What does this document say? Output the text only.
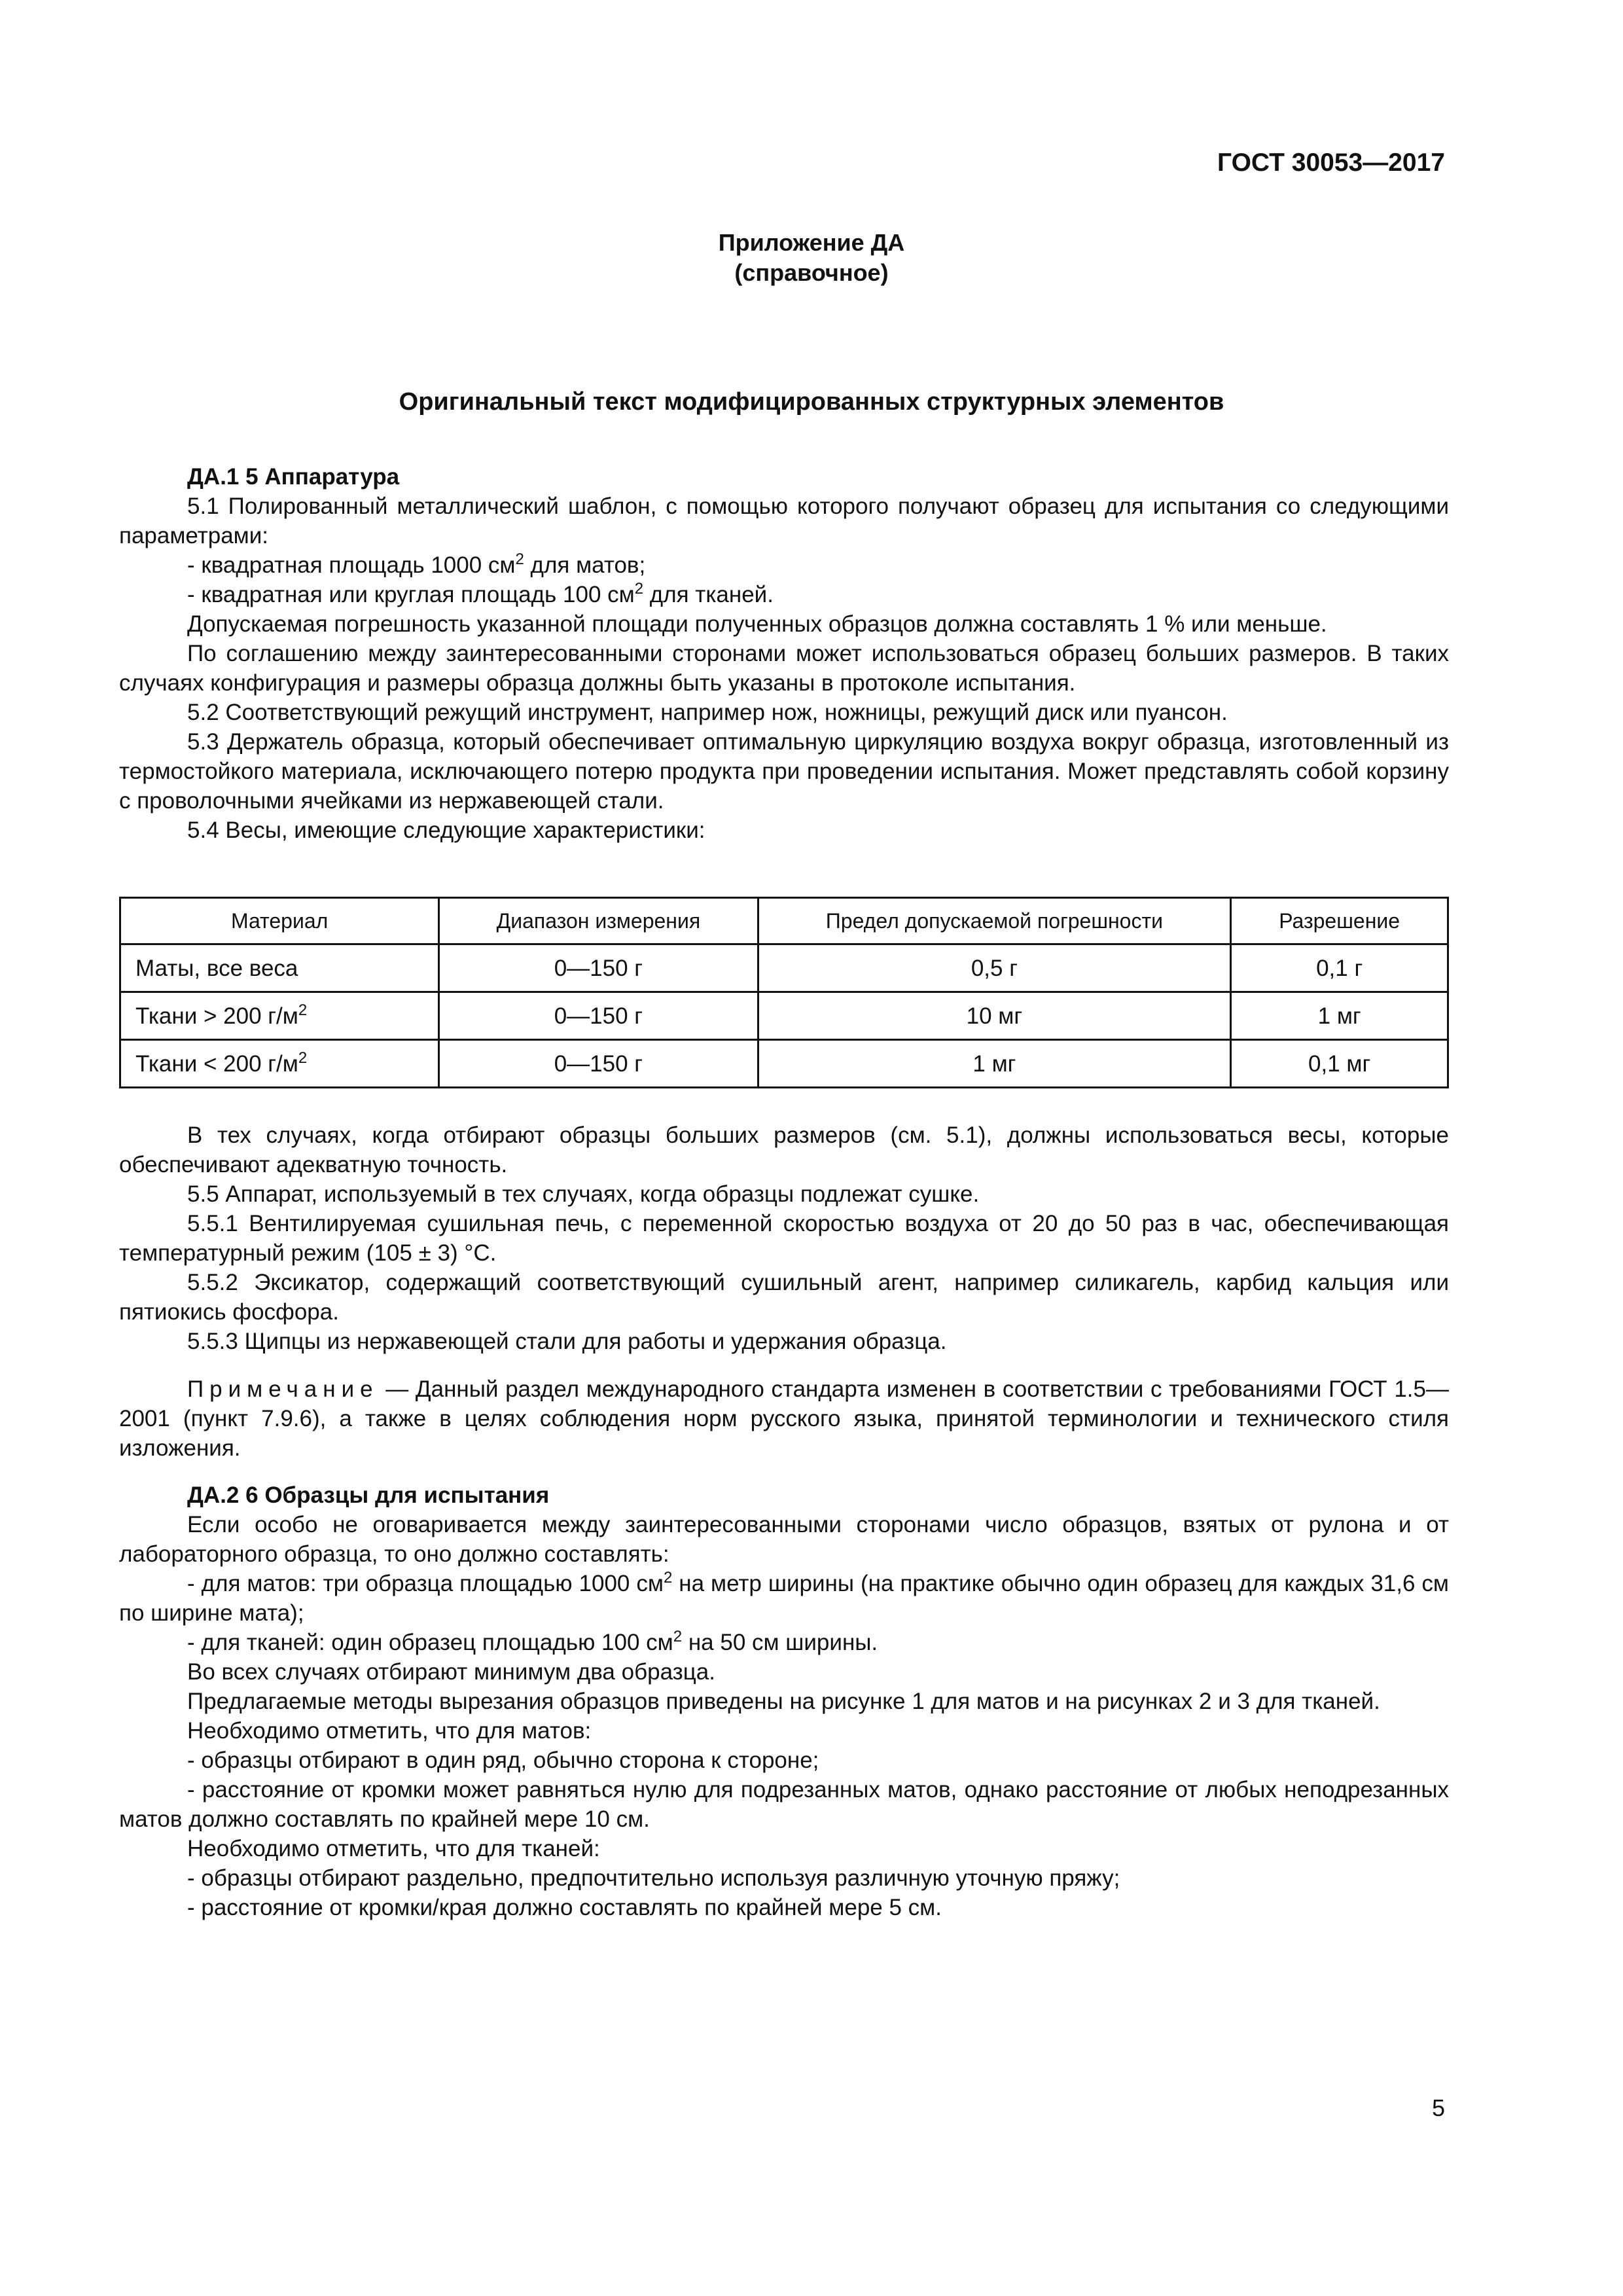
ГОСТ 30053—2017
Приложение ДА
(справочное)
Оригинальный текст модифицированных структурных элементов

ДА.1 5 Аппаратура

5.1 Полированный металлический шаблон, с помощью которого получают образец для испытания со следующими параметрами:

- квадратная площадь 1000 $см^2$ для матов;

- квадратная или круглая площадь 100 $см^2$ для тканей.

Допускаемая погрешность указанной площади полученных образцов должна составлять 1 % или меньше.

По соглашению между заинтересованными сторонами может использоваться образец больших размеров. В таких случаях конфигурация и размеры образца должны быть указаны в протоколе испытания.

5.2 Соответствующий режущий инструмент, например нож, ножницы, режущий диск или пуансон.

5.3 Держатель образца, который обеспечивает оптимальную циркуляцию воздуха вокруг образца, изготовленный из термостойкого материала, исключающего потерю продукта при проведении испытания. Может представлять собой корзину с проволочными ячейками из нержавеющей стали.

5.4 Весы, имеющие следующие характеристики:

Материал	Диапазон измерения	Предел допускаемой погрешности	Разрешение
Маты, все веса	0—150 г	0,5 г	0,1 г
Ткани > 200 $г/м^2$	0—150 г	10 мг	1 мг
Ткани < 200 $г/м^2$	0—150 г	1 мг	0,1 мг

В тех случаях, когда отбирают образцы больших размеров (см. 5.1), должны использоваться весы, которые обеспечивают адекватную точность.

5.5 Аппарат, используемый в тех случаях, когда образцы подлежат сушке.

5.5.1 Вентилируемая сушильная печь, с переменной скоростью воздуха от 20 до 50 раз в час, обеспечивающая температурный режим (105 ± 3) °С.

5.5.2 Эксикатор, содержащий соответствующий сушильный агент, например силикагель, карбид кальция или пятиокись фосфора.

5.5.3 Щипцы из нержавеющей стали для работы и удержания образца.

Примечание — Данный раздел международного стандарта изменен в соответствии с требованиями ГОСТ 1.5—2001 (пункт 7.9.6), а также в целях соблюдения норм русского языка, принятой терминологии и технического стиля изложения.

ДА.2 6 Образцы для испытания

Если особо не оговаривается между заинтересованными сторонами число образцов, взятых от рулона и от лабораторного образца, то оно должно составлять:

- для матов: три образца площадью 1000 $см^2$ на метр ширины (на практике обычно один образец для каждых 31,6 см по ширине мата);

- для тканей: один образец площадью 100 $см^2$ на 50 см ширины.

Во всех случаях отбирают минимум два образца.

Предлагаемые методы вырезания образцов приведены на рисунке 1 для матов и на рисунках 2 и 3 для тканей.

Необходимо отметить, что для матов:

- образцы отбирают в один ряд, обычно сторона к стороне;

- расстояние от кромки может равняться нулю для подрезанных матов, однако расстояние от любых неподрезанных матов должно составлять по крайней мере 10 см.

Необходимо отметить, что для тканей:

- образцы отбирают раздельно, предпочтительно используя различную уточную пряжу;

- расстояние от кромки/края должно составлять по крайней мере 5 см.

5
